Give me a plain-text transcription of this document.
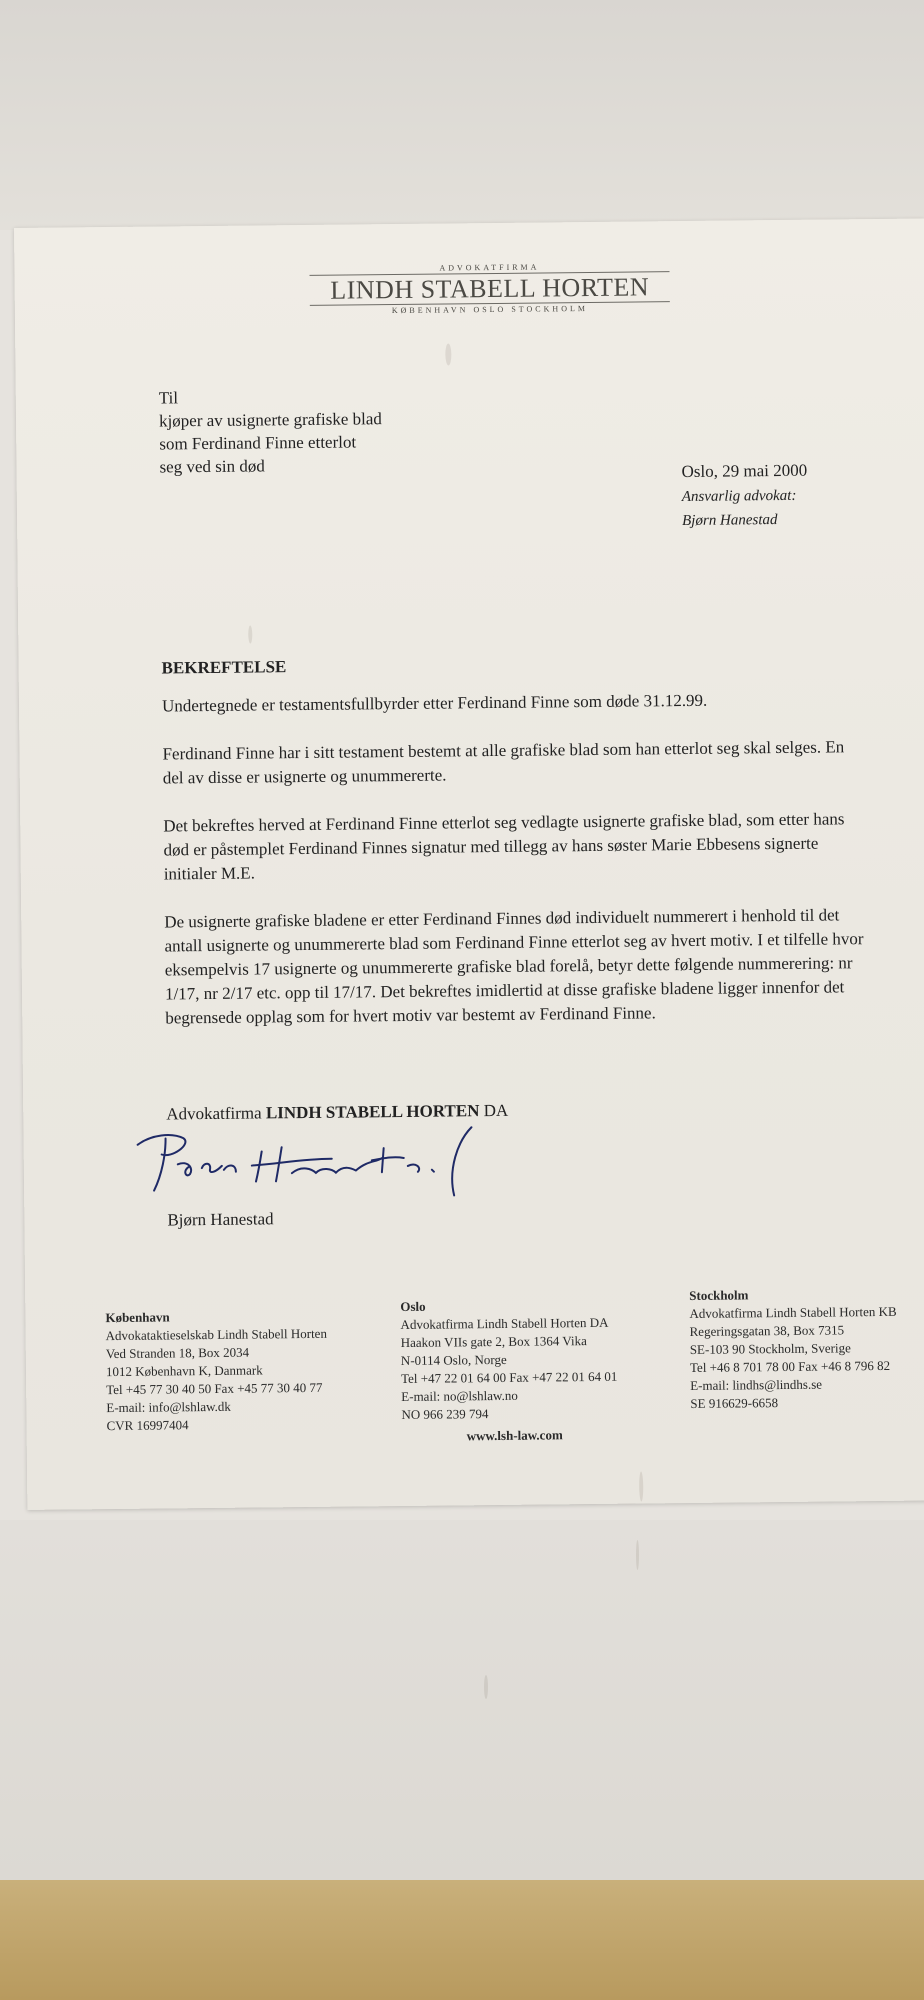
ADVOKATFIRMA
LINDH STABELL HORTEN
KØBENHAVN OSLO STOCKHOLM
Til
kjøper av usignerte grafiske blad
som Ferdinand Finne etterlot
seg ved sin død	Oslo, 29 mai 2000
Ansvarlig advokat:
Bjørn Hanestad
BEKREFTELSE
Undertegnede er testamentsfullbyrder etter Ferdinand Finne som døde 31.12.99.
Ferdinand Finne har i sitt testament bestemt at alle grafiske blad som han etterlot seg skal selges. En del av disse er usignerte og unummererte.
Det bekreftes herved at Ferdinand Finne etterlot seg vedlagte usignerte grafiske blad, som etter hans død er påstemplet Ferdinand Finnes signatur med tillegg av hans søster Marie Ebbesens signerte initialer M.E.
De usignerte grafiske bladene er etter Ferdinand Finnes død individuelt nummerert i henhold til det antall usignerte og unummererte blad som Ferdinand Finne etterlot seg av hvert motiv. I et tilfelle hvor eksempelvis 17 usignerte og unummererte grafiske blad forelå, betyr dette følgende nummerering: nr 1/17, nr 2/17 etc. opp til 17/17. Det bekreftes imidlertid at disse grafiske bladene ligger innenfor det begrensede opplag som for hvert motiv var bestemt av Ferdinand Finne.
Advokatfirma LINDH STABELL HORTEN DA
Bjørn Hanestad
København
Advokataktieselskab Lindh Stabell Horten
Ved Stranden 18, Box 2034
1012 København K, Danmark
Tel +45 77 30 40 50 Fax +45 77 30 40 77
E-mail: info@lshlaw.dk
CVR 16997404
Oslo
Advokatfirma Lindh Stabell Horten DA
Haakon VIIs gate 2, Box 1364 Vika
N-0114 Oslo, Norge
Tel +47 22 01 64 00 Fax +47 22 01 64 01
E-mail: no@lshlaw.no
NO 966 239 794
Stockholm
Advokatfirma Lindh Stabell Horten KB
Regeringsgatan 38, Box 7315
SE-103 90 Stockholm, Sverige
Tel +46 8 701 78 00 Fax +46 8 796 82
E-mail: lindhs@lindhs.se
SE 916629-6658
www.lsh-law.com
